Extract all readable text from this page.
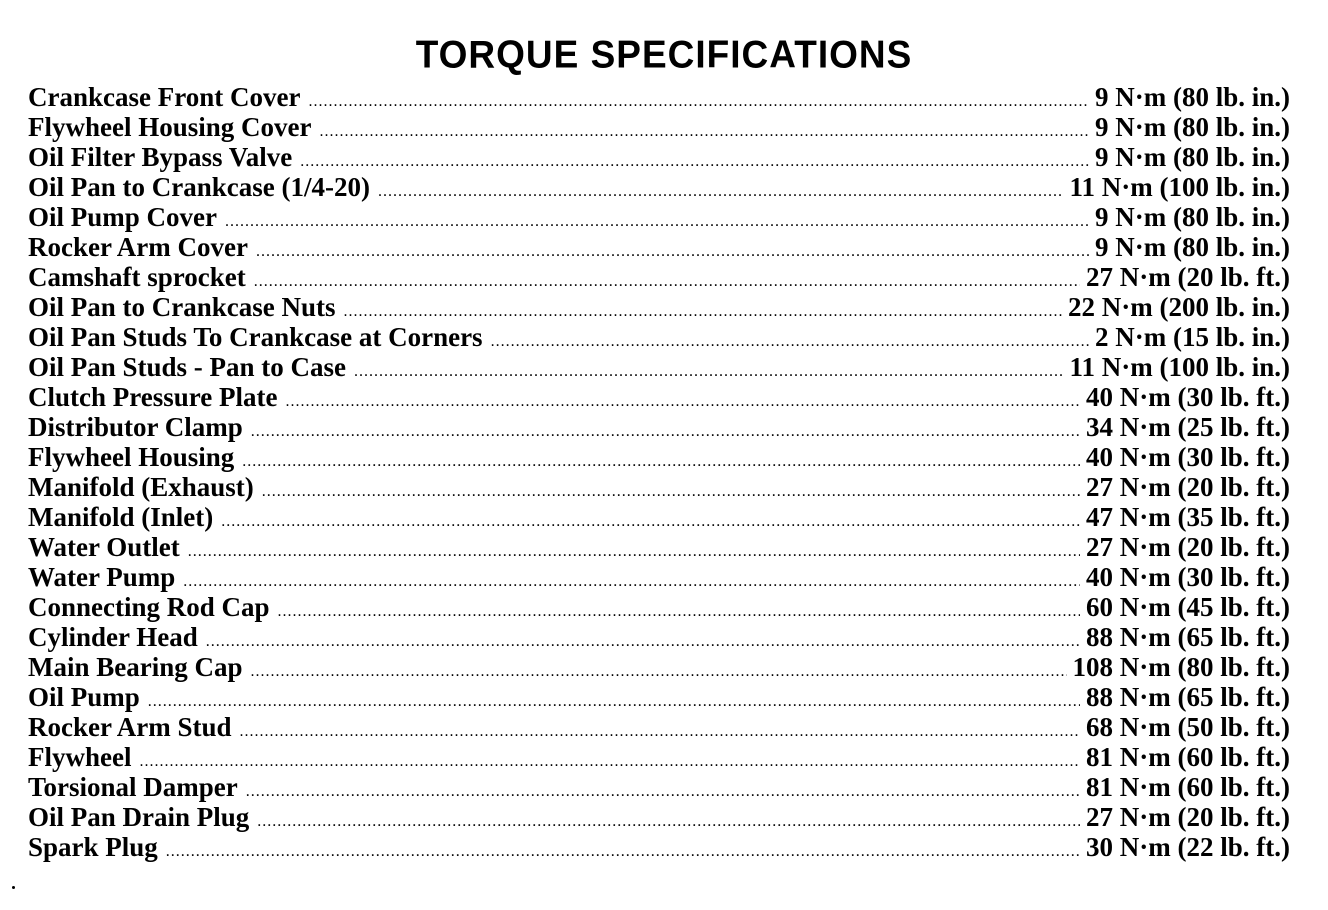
TORQUE SPECIFICATIONS
Crankcase Front Cover .....	9 N·m (80 lb. in.)
Flywheel Housing Cover .....	9 N·m (80 lb. in.)
Oil Filter Bypass Valve .....	9 N·m (80 lb. in.)
Oil Pan to Crankcase (1/4-20) .....	11 N·m (100 lb. in.)
Oil Pump Cover .....	9 N·m (80 lb. in.)
Rocker Arm Cover .....	9 N·m (80 lb. in.)
Camshaft sprocket .....	27 N·m (20 lb. ft.)
Oil Pan to Crankcase Nuts .....	22 N·m (200 lb. in.)
Oil Pan Studs To Crankcase at Corners .....	2 N·m (15 lb. in.)
Oil Pan Studs - Pan to Case .....	11 N·m (100 lb. in.)
Clutch Pressure Plate .....	40 N·m (30 lb. ft.)
Distributor Clamp .....	34 N·m (25 lb. ft.)
Flywheel Housing .....	40 N·m (30 lb. ft.)
Manifold (Exhaust) .....	27 N·m (20 lb. ft.)
Manifold (Inlet) .....	47 N·m (35 lb. ft.)
Water Outlet .....	27 N·m (20 lb. ft.)
Water Pump .....	40 N·m (30 lb. ft.)
Connecting Rod Cap .....	60 N·m (45 lb. ft.)
Cylinder Head .....	88 N·m (65 lb. ft.)
Main Bearing Cap .....	108 N·m (80 lb. ft.)
Oil Pump .....	88 N·m (65 lb. ft.)
Rocker Arm Stud .....	68 N·m (50 lb. ft.)
Flywheel .....	81 N·m (60 lb. ft.)
Torsional Damper .....	81 N·m (60 lb. ft.)
Oil Pan Drain Plug .....	27 N·m (20 lb. ft.)
Spark Plug .....	30 N·m (22 lb. ft.)
